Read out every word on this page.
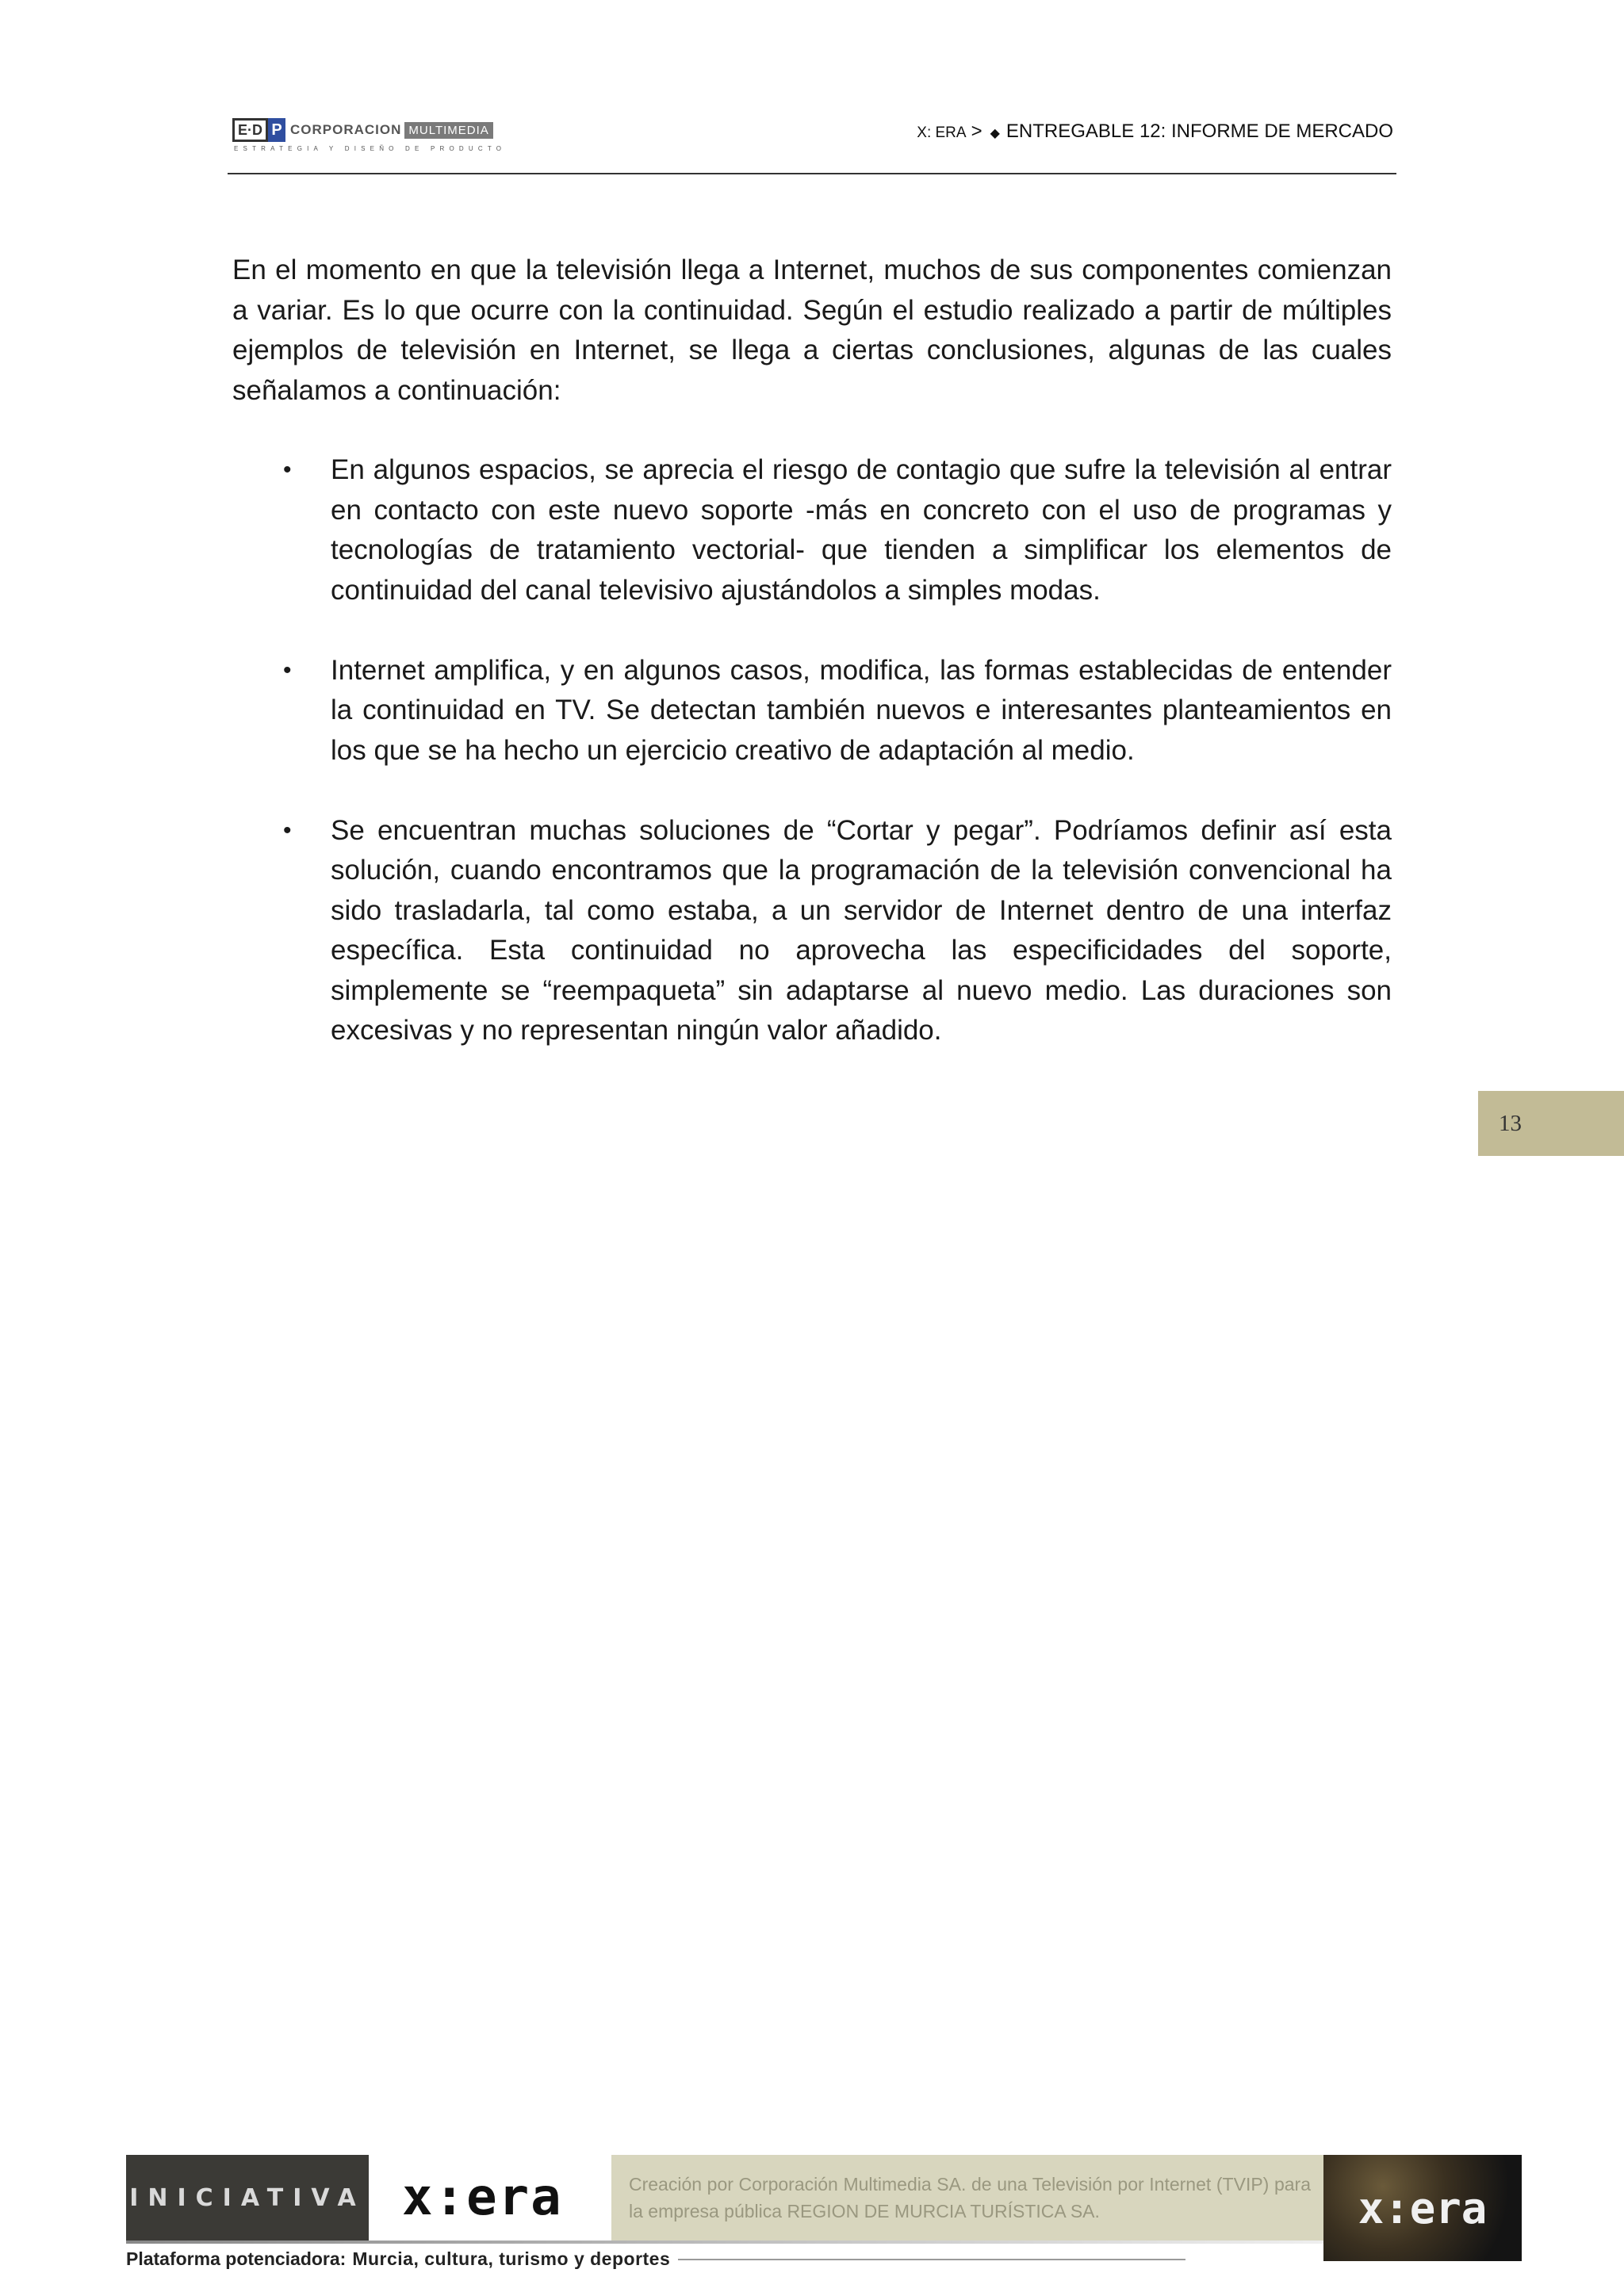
E·D P CORPORACION MULTIMEDIA
ESTRATEGIA Y DISEÑO DE PRODUCTO
X: ERA > ◆ ENTREGABLE 12: INFORME DE MERCADO

En el momento en que la televisión llega a Internet, muchos de sus componentes comienzan a variar. Es lo que ocurre con la continuidad. Según el estudio realizado a partir de múltiples ejemplos de televisión en Internet, se llega a ciertas conclusiones, algunas de las cuales señalamos a continuación:

• En algunos espacios, se aprecia el riesgo de contagio que sufre la televisión al entrar en contacto con este nuevo soporte -más en concreto con el uso de programas y tecnologías de tratamiento vectorial- que tienden a simplificar los elementos de continuidad del canal televisivo ajustándolos a simples modas.
• Internet amplifica, y en algunos casos, modifica, las formas establecidas de entender la continuidad en TV. Se detectan también nuevos e interesantes planteamientos en los que se ha hecho un ejercicio creativo de adaptación al medio.
• Se encuentran muchas soluciones de “Cortar y pegar”. Podríamos definir así esta solución, cuando encontramos que la programación de la televisión convencional ha sido trasladarla, tal como estaba, a un servidor de Internet dentro de una interfaz específica. Esta continuidad no aprovecha las especificidades del soporte, simplemente se “reempaqueta” sin adaptarse al nuevo medio. Las duraciones son excesivas y no representan ningún valor añadido.
13
INICIATIVA x:era	Creación por Corporación Multimedia SA. de una Televisión por Internet (TVIP) para la empresa pública REGION DE MURCIA TURÍSTICA SA.	x:era
Plataforma potenciadora: Murcia, cultura, turismo y deportes
